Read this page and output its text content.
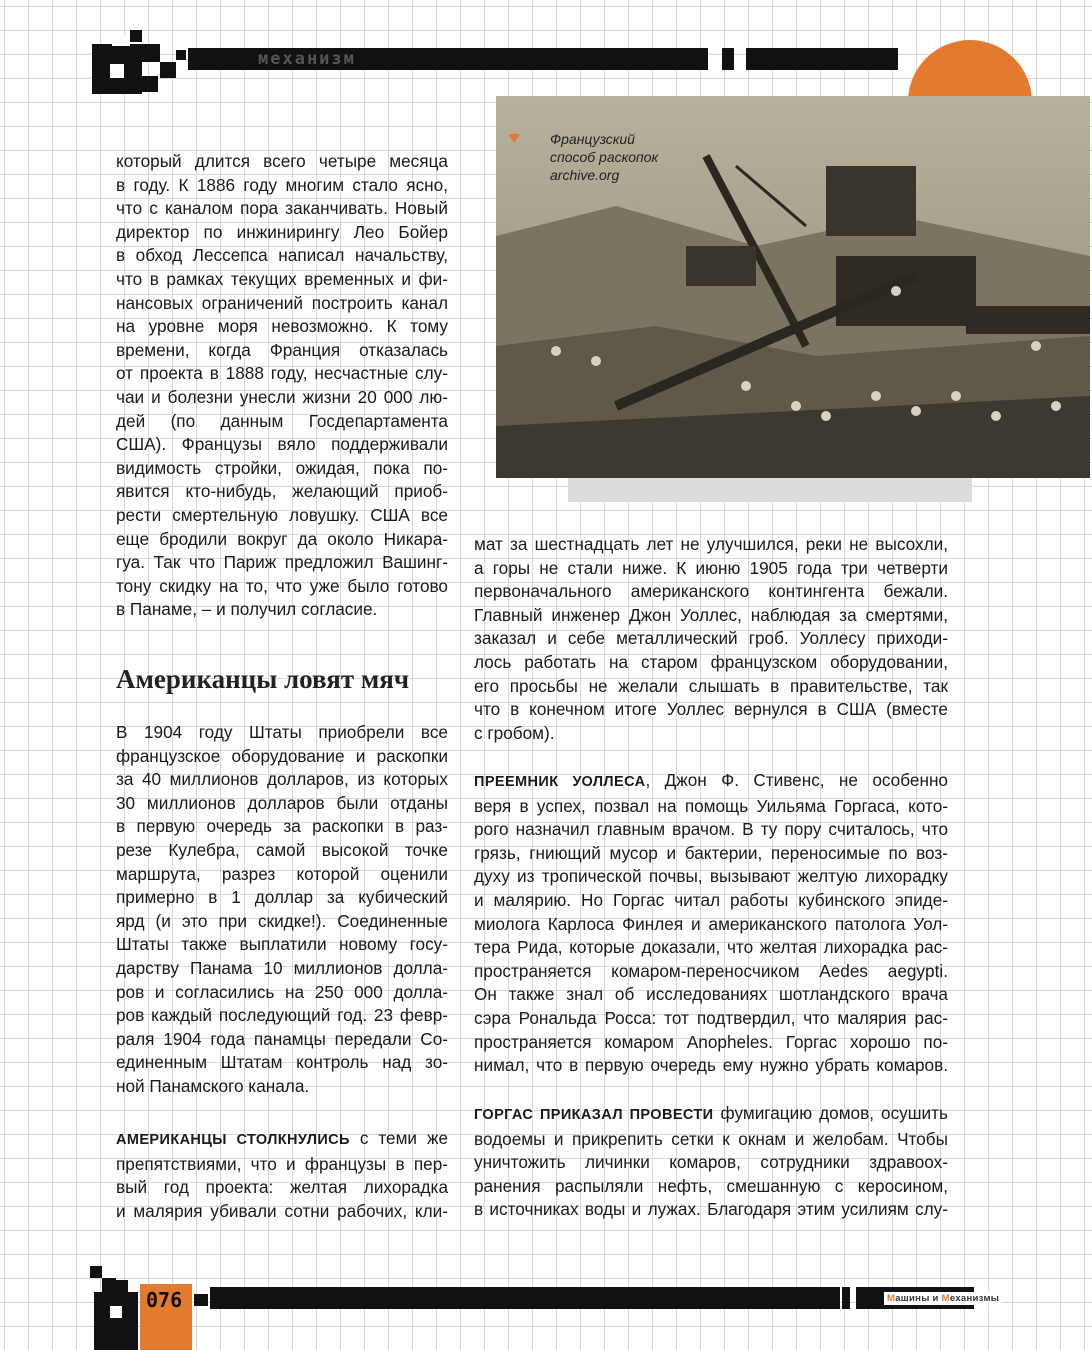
механизм
Французский
способ раскопок
archive.org
который длится всего четыре месяца
в году. К 1886 году многим стало ясно,
что с каналом пора заканчивать. Новый
директор по инжинирингу Лео Бойер
в обход Лессепса написал начальству,
что в рамках текущих временных и фи-
нансовых ограничений построить канал
на уровне моря невозможно. К тому
времени, когда Франция отказалась
от проекта в 1888 году, несчастные слу-
чаи и болезни унесли жизни 20 000 лю-
дей (по данным Госдепартамента
США). Французы вяло поддерживали
видимость стройки, ожидая, пока по-
явится кто-нибудь, желающий приоб-
рести смертельную ловушку. США все
еще бродили вокруг да около Никара-
гуа. Так что Париж предложил Вашинг-
тону скидку на то, что уже было готово
в Панаме, – и получил согласие.
Американцы ловят мяч
В 1904 году Штаты приобрели все
французское оборудование и раскопки
за 40 миллионов долларов, из которых
30 миллионов долларов были отданы
в первую очередь за раскопки в раз-
резе Кулебра, самой высокой точке
маршрута, разрез которой оценили
примерно в 1 доллар за кубический
ярд (и это при скидке!). Соединенные
Штаты также выплатили новому госу-
дарству Панама 10 миллионов долла-
ров и согласились на 250 000 долла-
ров каждый последующий год. 23 февр-
раля 1904 года панамцы передали Со-
единенным Штатам контроль над зо-
ной Панамского канала.
АМЕРИКАНЦЫ СТОЛКНУЛИСЬ с теми же
препятствиями, что и французы в пер-
вый год проекта: желтая лихорадка
и малярия убивали сотни рабочих, кли-
мат за шестнадцать лет не улучшился, реки не высохли,
а горы не стали ниже. К июню 1905 года три четверти
первоначального американского контингента бежали.
Главный инженер Джон Уоллес, наблюдая за смертями,
заказал и себе металлический гроб. Уоллесу приходи-
лось работать на старом французском оборудовании,
его просьбы не желали слышать в правительстве, так
что в конечном итоге Уоллес вернулся в США (вместе
с гробом).
ПРЕЕМНИК УОЛЛЕСА, Джон Ф. Стивенс, не особенно
веря в успех, позвал на помощь Уильяма Горгаса, кото-
рого назначил главным врачом. В ту пору считалось, что
грязь, гниющий мусор и бактерии, переносимые по воз-
духу из тропической почвы, вызывают желтую лихорадку
и малярию. Но Горгас читал работы кубинского эпиде-
миолога Карлоса Финлея и американского патолога Уол-
тера Рида, которые доказали, что желтая лихорадка рас-
пространяется комаром-переносчиком Aedes aegypti.
Он также знал об исследованиях шотландского врача
сэра Рональда Росса: тот подтвердил, что малярия рас-
пространяется комаром Anopheles. Горгас хорошо по-
нимал, что в первую очередь ему нужно убрать комаров.
ГОРГАС ПРИКАЗАЛ ПРОВЕСТИ фумигацию домов, осушить
водоемы и прикрепить сетки к окнам и желобам. Чтобы
уничтожить личинки комаров, сотрудники здравоох-
ранения распыляли нефть, смешанную с керосином,
в источниках воды и лужах. Благодаря этим усилиям слу-
076	Машины и Механизмы
